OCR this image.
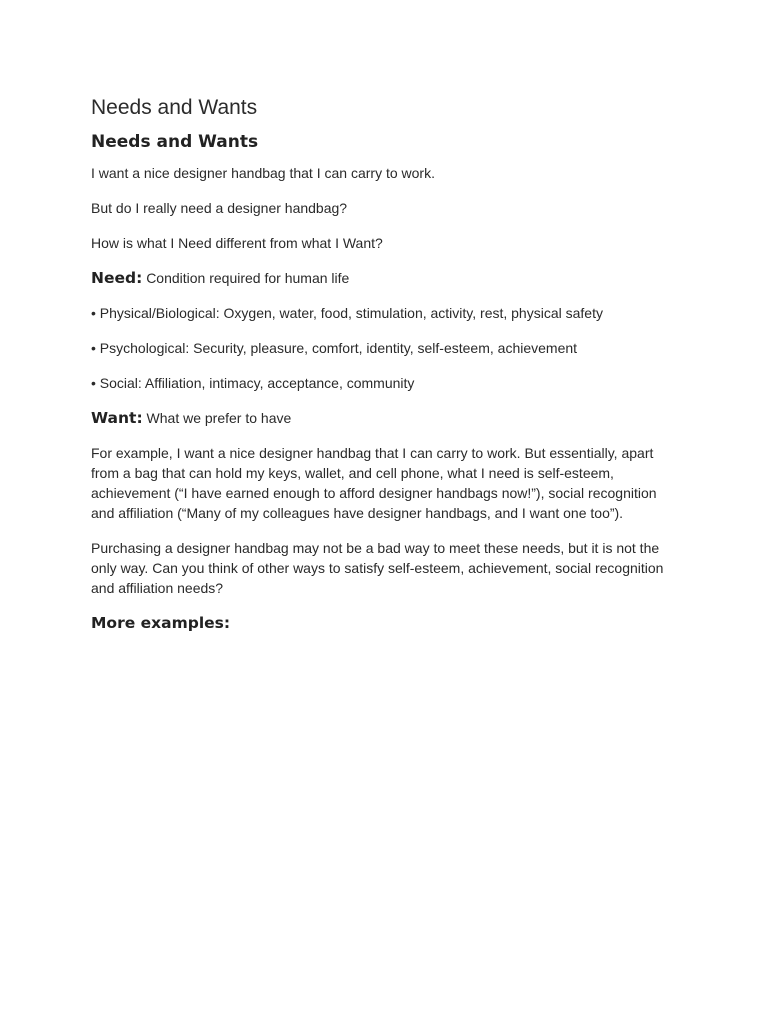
Needs and Wants
Needs and Wants

I want a nice designer handbag that I can carry to work.

But do I really need a designer handbag?

How is what I Need different from what I Want?

Need: Condition required for human life

• Physical/Biological: Oxygen, water, food, stimulation, activity, rest, physical safety

• Psychological: Security, pleasure, comfort, identity, self-esteem, achievement

• Social: Affiliation, intimacy, acceptance, community

Want: What we prefer to have

For example, I want a nice designer handbag that I can carry to work. But essentially, apart from a bag that can hold my keys, wallet, and cell phone, what I need is self-esteem, achievement (“I have earned enough to afford designer handbags now!”), social recognition and affiliation (“Many of my colleagues have designer handbags, and I want one too”).

Purchasing a designer handbag may not be a bad way to meet these needs, but it is not the only way. Can you think of other ways to satisfy self-esteem, achievement, social recognition and affiliation needs?

More examples:
